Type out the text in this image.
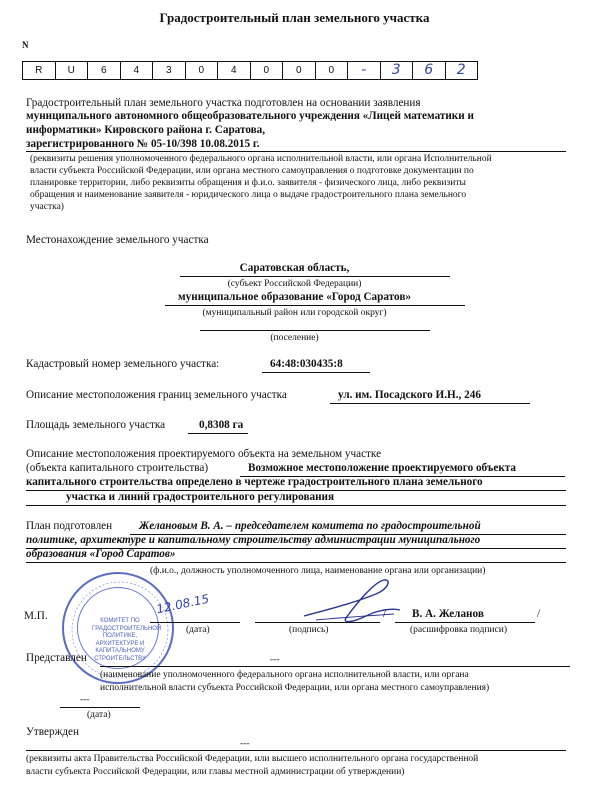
Градостроительный план земельного участка
N
R	U	6	4	3	0	4	0	0	0	-	3	6	2
Градостроительный план земельного участка подготовлен на основании заявления
муниципального автономного общеобразовательного учреждения «Лицей математики и
информатики» Кировского района г. Саратова,
зарегистрированного № 05-10/398 10.08.2015 г.
(реквизиты решения уполномоченного федерального органа исполнительной власти, или органа Исполнительной
власти субъекта Российской Федерации, или органа местного самоуправления о подготовке документации по
планировке территории, либо реквизиты обращения и ф.и.о. заявителя - физического лица, либо реквизиты
обращения и наименование заявителя - юридического лица о выдаче градостроительного плана земельного
участка)
Местонахождение земельного участка
Саратовская область,
(субъект Российской Федерации)
муниципальное образование «Город Саратов»
(муниципальный район или городской округ)
(поселение)
Кадастровый номер земельного участка:	64:48:030435:8
Описание местоположения границ земельного участка	ул. им. Посадского И.Н., 246
Площадь земельного участка	0,8308 га
Описание местоположения проектируемого объекта на земельном участке
(объекта капитального строительства)	Возможное местоположение проектируемого объекта
капитального строительства определено в чертеже градостроительного плана земельного
участка и линий градостроительного регулирования
План подготовлен Желановым В. А. – председателем комитета по градостроительной
политике, архитектуре и капитальному строительству администрации муниципального
образования «Город Саратов»
(ф.и.о., должность уполномоченного лица, наименование органа или организации)
КОМИТЕТ ПО ГРАДОСТРОИТЕЛЬНОЙ ПОЛИТИКЕ, АРХИТЕКТУРЕ И КАПИТАЛЬНОМУ СТРОИТЕЛЬСТВУ
М.П.	12.08.15
(дата)	(подпись)
/ В. А. Желанов	/
(расшифровка подписи)
Представлен	---
(наименование уполномоченного федерального органа исполнительной власти, или органа
исполнительной власти субъекта Российской Федерации, или органа местного самоуправления)
---
(дата)
Утвержден
---
(реквизиты акта Правительства Российской Федерации, или высшего исполнительного органа государственной
власти субъекта Российской Федерации, или главы местной администрации об утверждении)
